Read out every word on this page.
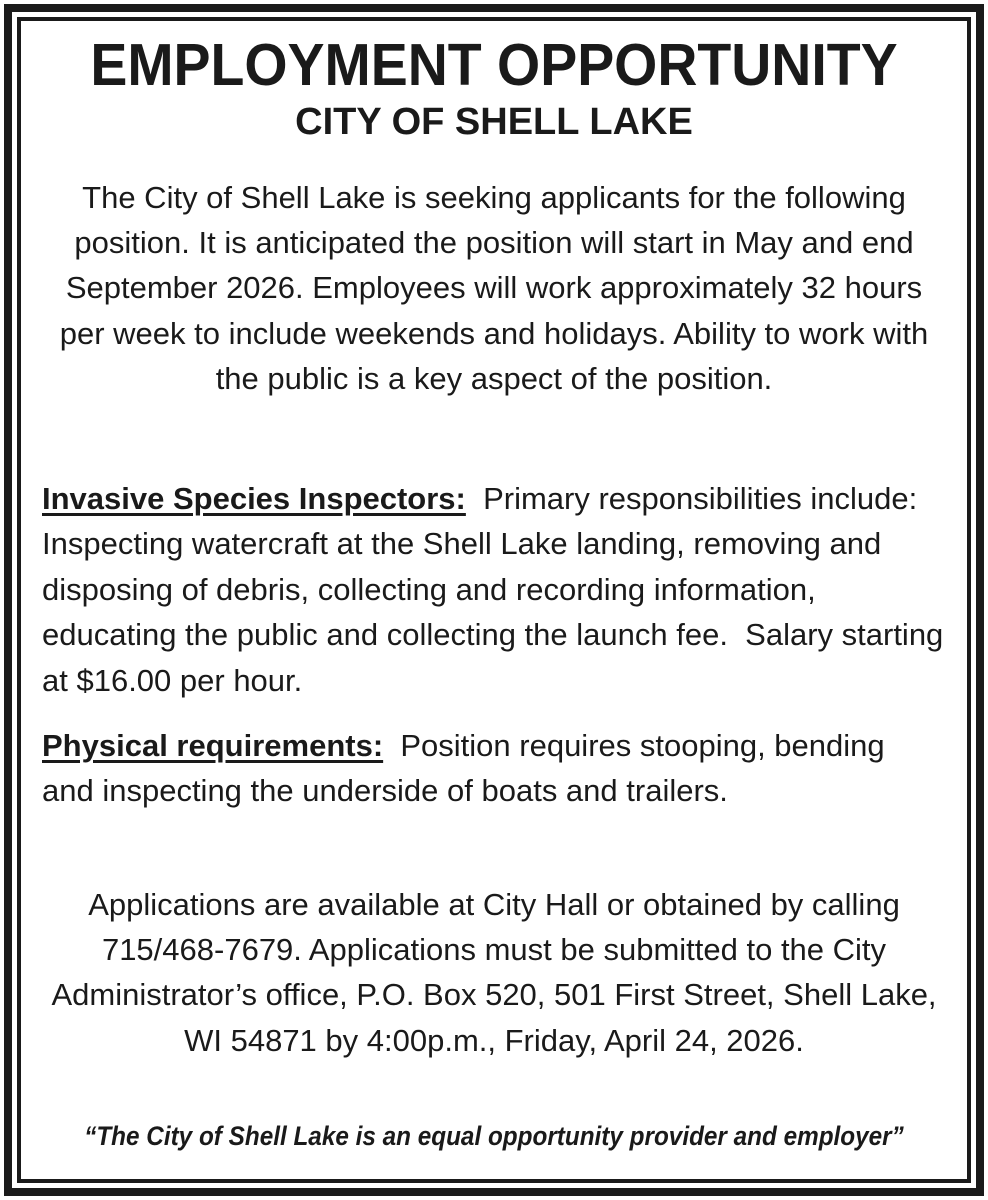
EMPLOYMENT OPPORTUNITY
CITY OF SHELL LAKE

The City of Shell Lake is seeking applicants for the following position. It is anticipated the position will start in May and end September 2026. Employees will work approximately 32 hours per week to include weekends and holidays. Ability to work with the public is a key aspect of the position.

Invasive Species Inspectors:  Primary responsibilities include:  Inspecting watercraft at the Shell Lake landing, removing and disposing of debris, collecting and recording information, educating the public and collecting the launch fee.  Salary starting at $16.00 per hour.

Physical requirements:  Position requires stooping, bending and inspecting the underside of boats and trailers.

Applications are available at City Hall or obtained by calling 715/468-7679. Applications must be submitted to the City Administrator’s office, P.O. Box 520, 501 First Street, Shell Lake, WI 54871 by 4:00p.m., Friday, April 24, 2026.

“The City of Shell Lake is an equal opportunity provider and employer”
